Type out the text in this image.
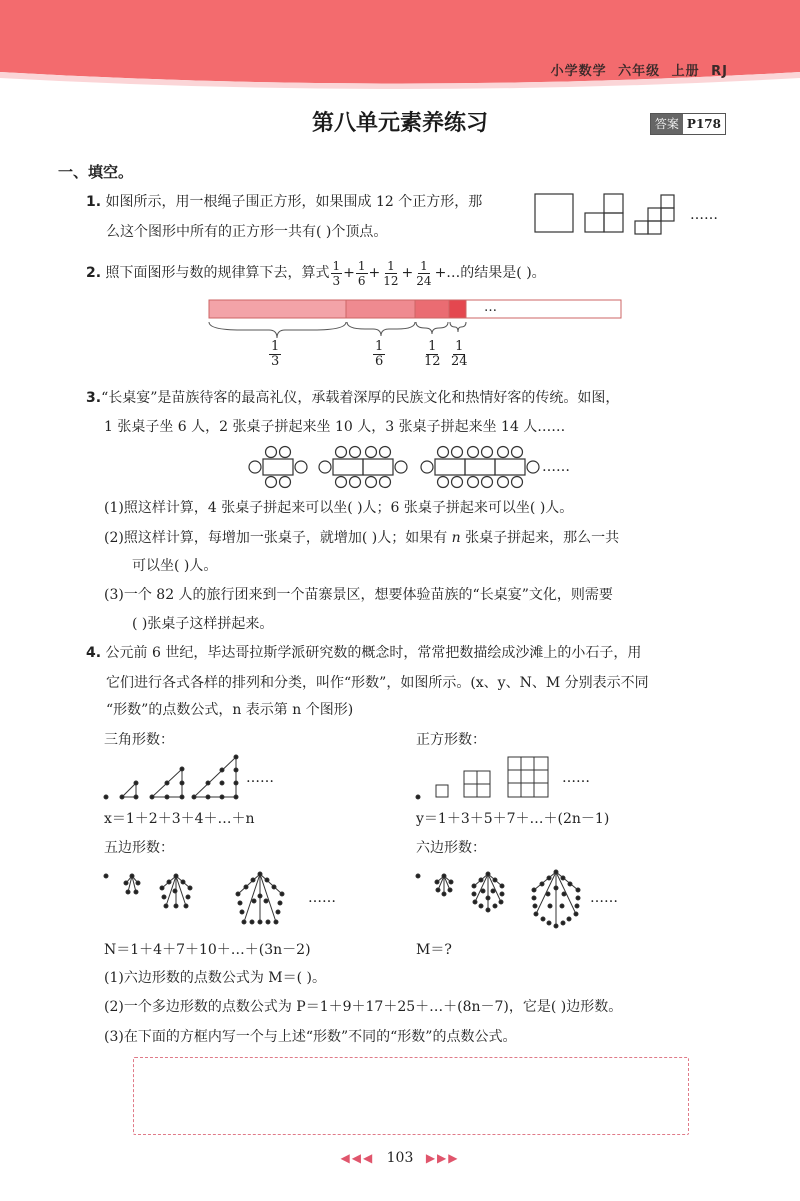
小学数学 六年级 上册 RJ
第八单元素养练习	答案 P178
一、填空。
1. 如图所示，用一根绳子围正方形，如果围成 12 个正方形，那
么这个图形中所有的正方形一共有( )个顶点。
……
2. 照下面图形与数的规律算下去，算式 $\frac{1}{3} + \frac{1}{6} + \frac{1}{12} + \frac{1}{24}$ +…的结果是( )。
…
$\frac{1}{3}$	$\frac{1}{6}$	$\frac{1}{12} \frac{1}{24}$
3.“长桌宴”是苗族待客的最高礼仪，承载着深厚的民族文化和热情好客的传统。如图，
1 张桌子坐 6 人，2 张桌子拼起来坐 10 人，3 张桌子拼起来坐 14 人……
……
(1)照这样计算，4 张桌子拼起来可以坐( )人；6 张桌子拼起来可以坐( )人。
(2)照这样计算，每增加一张桌子，就增加( )人；如果有 n 张桌子拼起来，那么一共
可以坐( )人。
(3)一个 82 人的旅行团来到一个苗寨景区，想要体验苗族的“长桌宴”文化，则需要
( )张桌子这样拼起来。
4. 公元前 6 世纪，毕达哥拉斯学派研究数的概念时，常常把数描绘成沙滩上的小石子，用
它们进行各式各样的排列和分类，叫作“形数”，如图所示。(x、y、N、M 分别表示不同
“形数”的点数公式，n 表示第 n 个图形)
三角形数：	正方形数：
……	……
x＝1＋2＋3＋4＋…＋n	y＝1＋3＋5＋7＋…＋(2n－1)
五边形数：	六边形数：
……	……
N＝1＋4＋7＋10＋…＋(3n－2)	M＝?
(1)六边形数的点数公式为 M＝( )。
(2)一个多边形数的点数公式为 P＝1＋9＋17＋25＋…＋(8n－7)，它是( )边形数。
(3)在下面的方框内写一个与上述“形数”不同的“形数”的点数公式。
◀◀◀ 103 ▶▶▶
